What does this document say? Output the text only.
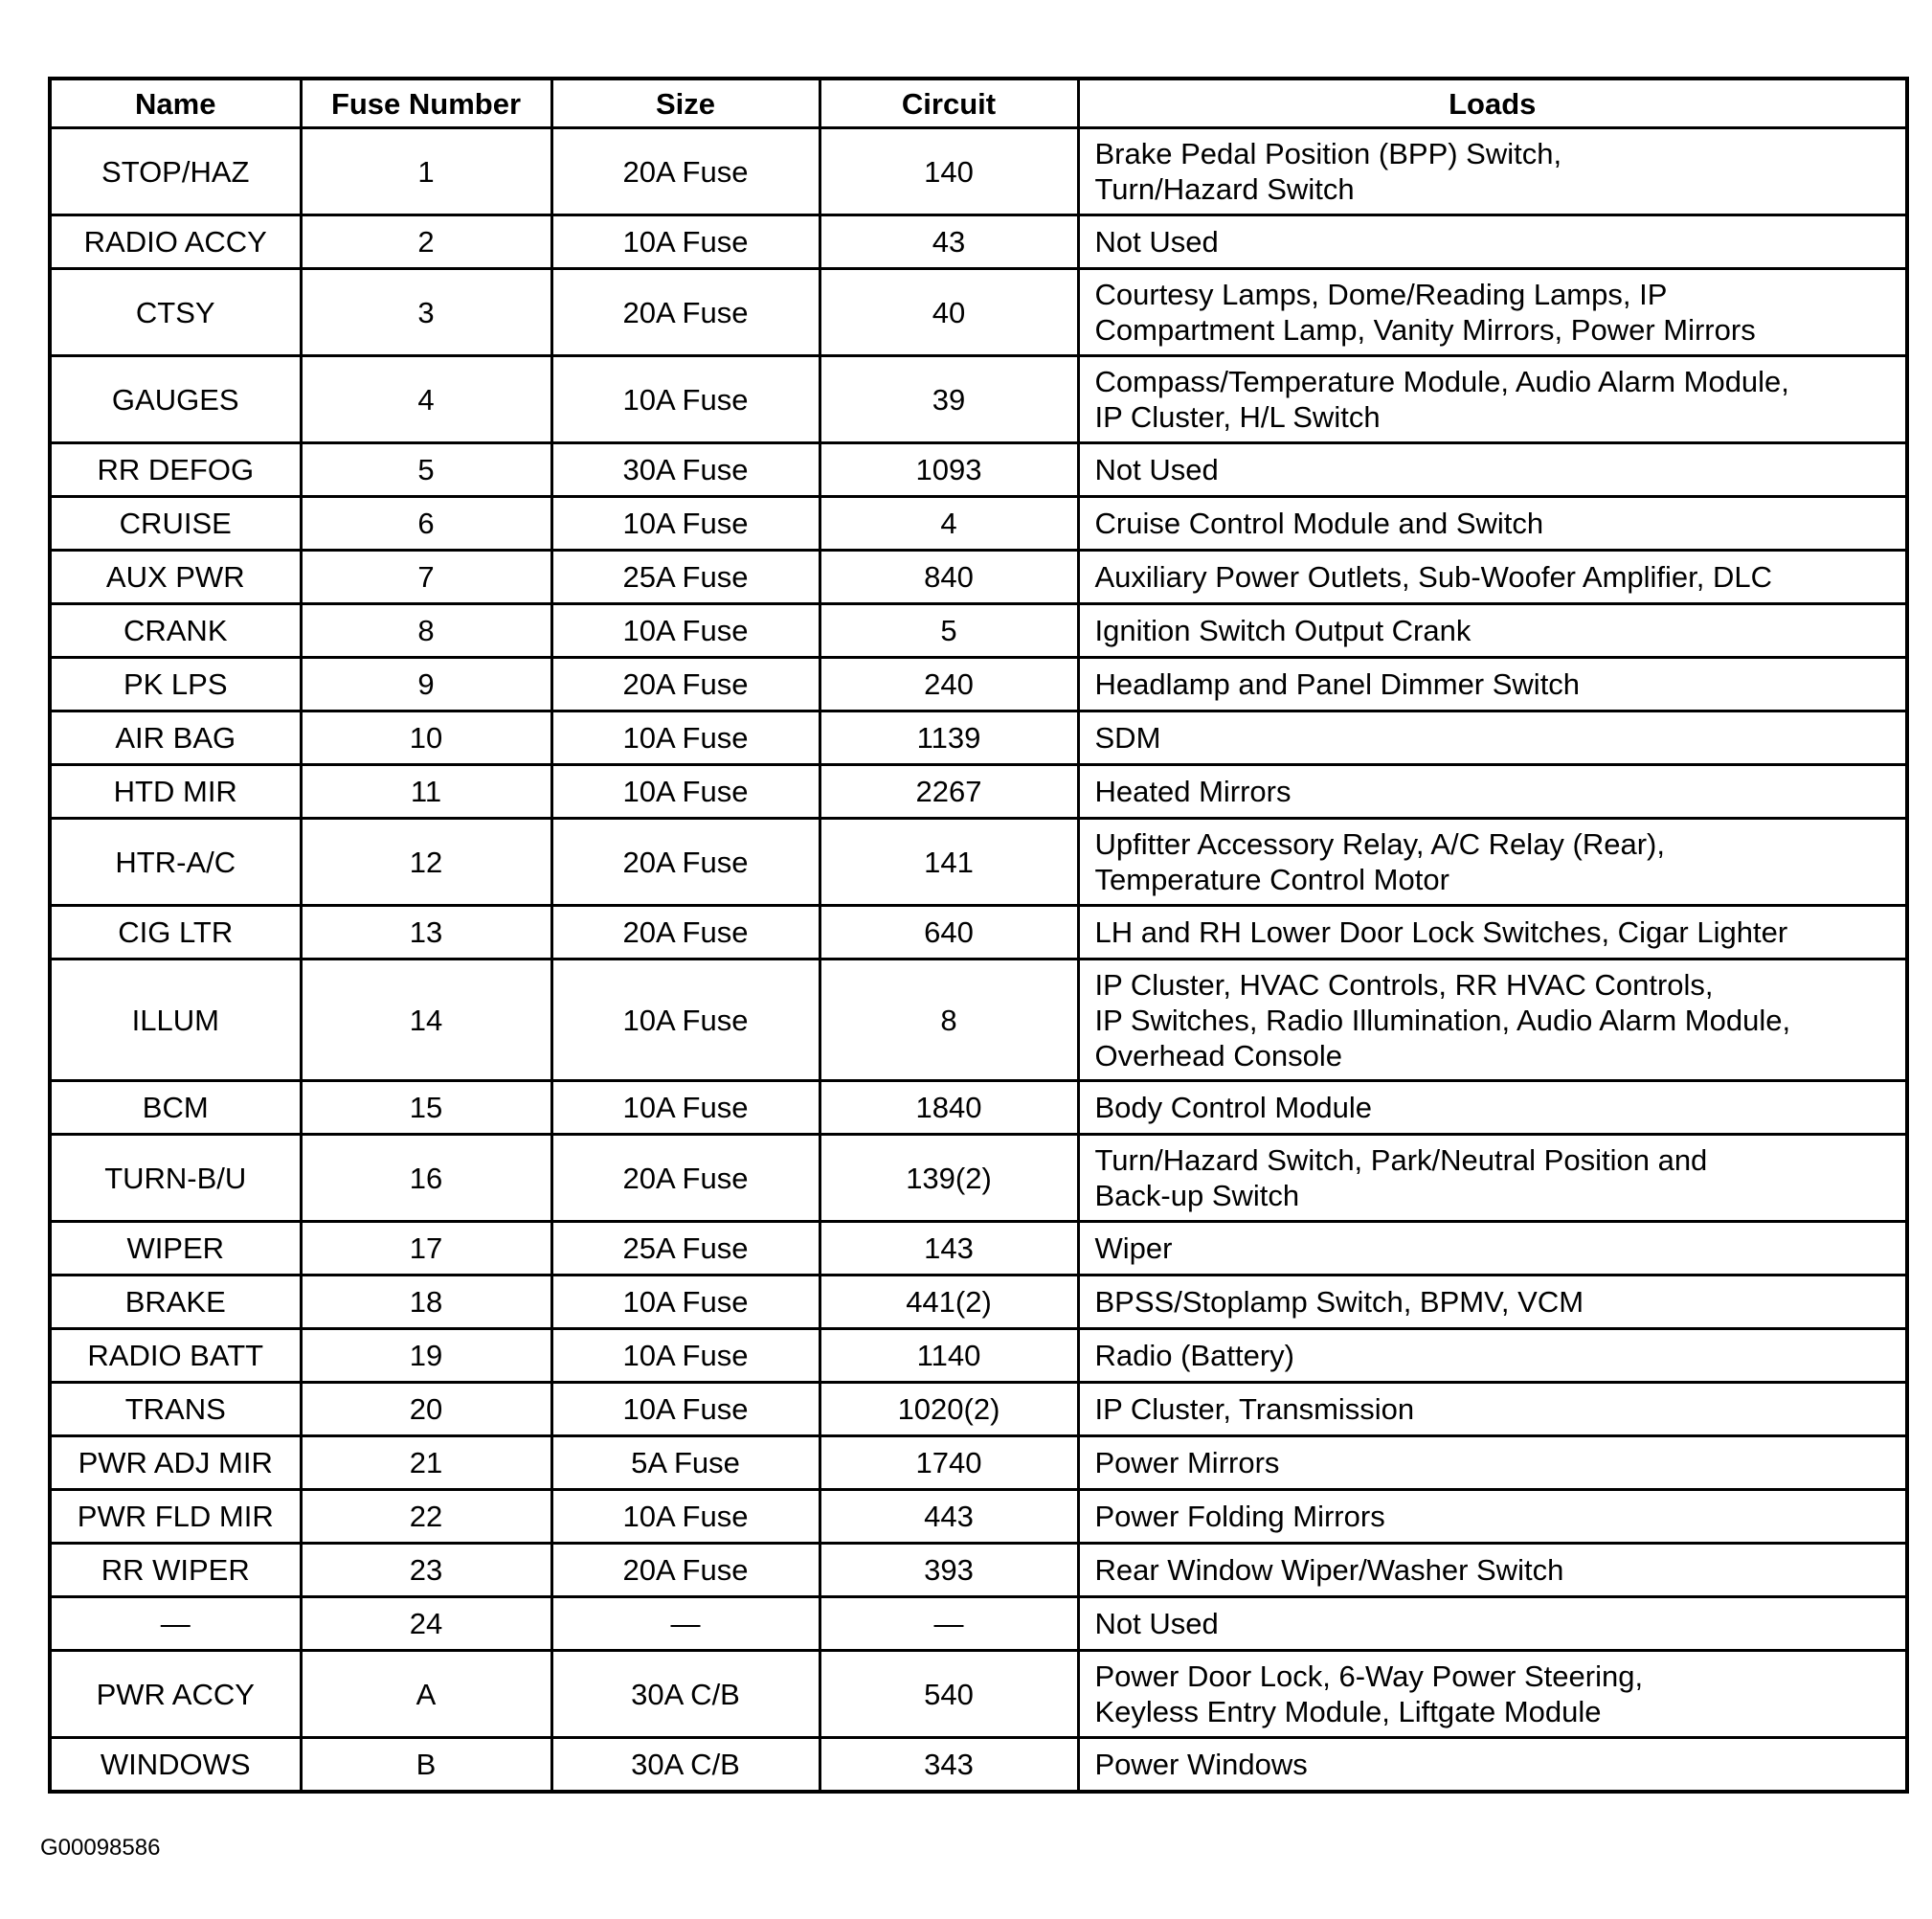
Name	Fuse Number	Size	Circuit	Loads
STOP/HAZ	1	20A Fuse	140	Brake Pedal Position (BPP) Switch,
Turn/Hazard Switch

RADIO ACCY	2	10A Fuse	43	Not Used

CTSY	3	20A Fuse	40	Courtesy Lamps, Dome/Reading Lamps, IP
Compartment Lamp, Vanity Mirrors, Power Mirrors

GAUGES	4	10A Fuse	39	Compass/Temperature Module, Audio Alarm Module,
IP Cluster, H/L Switch

RR DEFOG	5	30A Fuse	1093	Not Used

CRUISE	6	10A Fuse	4	Cruise Control Module and Switch

AUX PWR	7	25A Fuse	840	Auxiliary Power Outlets, Sub-Woofer Amplifier, DLC

CRANK	8	10A Fuse	5	Ignition Switch Output Crank

PK LPS	9	20A Fuse	240	Headlamp and Panel Dimmer Switch

AIR BAG	10	10A Fuse	1139	SDM

HTD MIR	11	10A Fuse	2267	Heated Mirrors

HTR-A/C	12	20A Fuse	141	Upfitter Accessory Relay, A/C Relay (Rear),
Temperature Control Motor

CIG LTR	13	20A Fuse	640	LH and RH Lower Door Lock Switches, Cigar Lighter

ILLUM	14	10A Fuse	8	IP Cluster, HVAC Controls, RR HVAC Controls,
IP Switches, Radio Illumination, Audio Alarm Module,
Overhead Console

BCM	15	10A Fuse	1840	Body Control Module

TURN-B/U	16	20A Fuse	139(2)	Turn/Hazard Switch, Park/Neutral Position and
Back-up Switch

WIPER	17	25A Fuse	143	Wiper

BRAKE	18	10A Fuse	441(2)	BPSS/Stoplamp Switch, BPMV, VCM

RADIO BATT	19	10A Fuse	1140	Radio (Battery)

TRANS	20	10A Fuse	1020(2)	IP Cluster, Transmission

PWR ADJ MIR	21	5A Fuse	1740	Power Mirrors

PWR FLD MIR	22	10A Fuse	443	Power Folding Mirrors

RR WIPER	23	20A Fuse	393	Rear Window Wiper/Washer Switch

—	24	—	—	Not Used

PWR ACCY	A	30A C/B	540	Power Door Lock, 6-Way Power Steering,
Keyless Entry Module, Liftgate Module

WINDOWS	B	30A C/B	343	Power Windows
G00098586
